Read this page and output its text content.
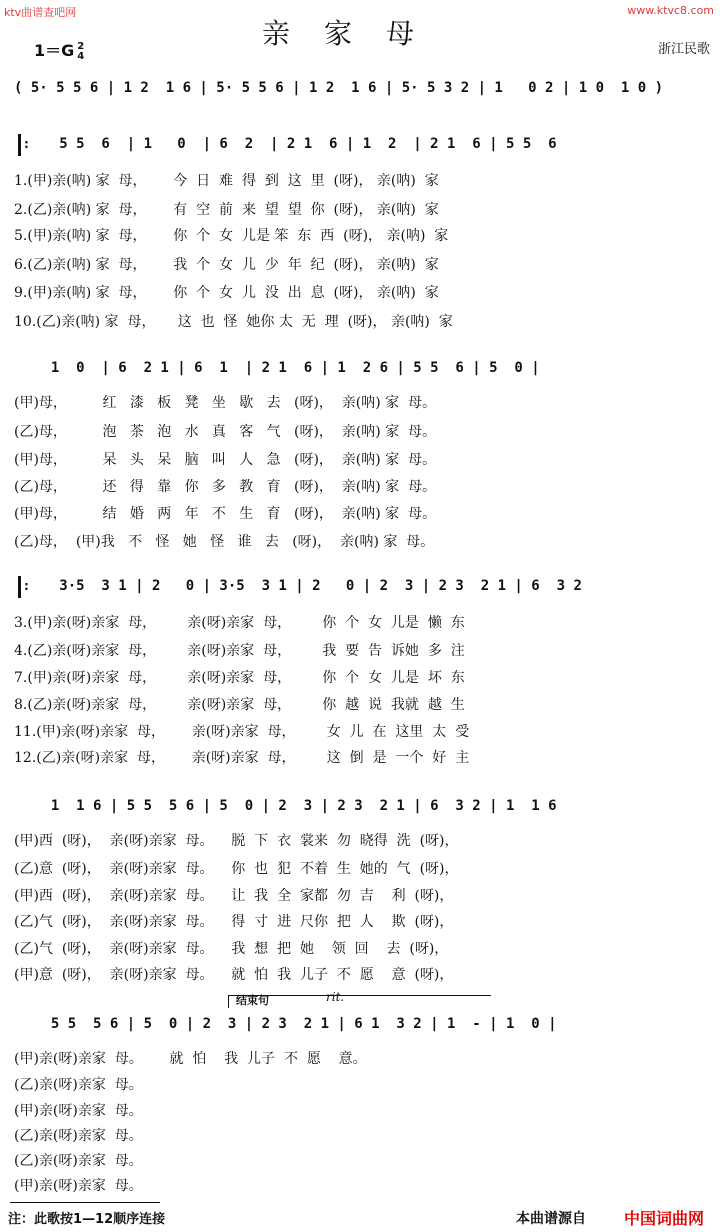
ktv曲谱查吧网	www.ktvc8.com
亲家母
1＝G 2
4	浙江民歌
( 5· 5 5 6 | 1 2  1 6 | 5· 5 5 6 | 1 2  1 6 | 5· 5 3 2 | 1   0 2 | 1 0  1 0 )
: 5 5  6  | 1   0  | 6  2  | 2 1  6 | 1  2  | 2 1  6 | 5 5  6
1.(甲)亲(呐) 家  母，      今  日  难  得  到  这  里  (呀)， 亲(呐)  家
2.(乙)亲(呐) 家  母，      有  空  前  来  望  望  你  (呀)， 亲(呐)  家
5.(甲)亲(呐) 家  母，      你  个  女  儿是 笨  东  西  (呀)， 亲(呐)  家
6.(乙)亲(呐) 家  母，      我  个  女  儿  少  年  纪  (呀)， 亲(呐)  家
9.(甲)亲(呐) 家  母，      你  个  女  儿  没  出  息  (呀)， 亲(呐)  家
10.(乙)亲(呐) 家  母，     这  也  怪  她你 太  无  理  (呀)， 亲(呐)  家
1  0  | 6  2 1 | 6  1  | 2 1  6 | 1  2 6 | 5 5  6 | 5  0 |
(甲)母，        红   漆   板   凳   坐   歇   去   (呀)，  亲(呐) 家  母。
(乙)母，        泡   茶   泡   水   真   客   气   (呀)，  亲(呐) 家  母。
(甲)母，        呆   头   呆   脑   叫   人   急   (呀)，  亲(呐) 家  母。
(乙)母，        还   得   靠   你   多   教   育   (呀)，  亲(呐) 家  母。
(甲)母，        结   婚   两   年   不   生   育   (呀)，  亲(呐) 家  母。
(乙)母，  (甲)我   不   怪   她   怪   谁   去   (呀)，  亲(呐) 家  母。
: 3·5  3 1 | 2   0 | 3·5  3 1 | 2   0 | 2  3 | 2 3  2 1 | 6  3 2
3.(甲)亲(呀)亲家  母，       亲(呀)亲家  母，       你  个  女  儿是  懒  东
4.(乙)亲(呀)亲家  母，       亲(呀)亲家  母，       我  要  告  诉她  多  注
7.(甲)亲(呀)亲家  母，       亲(呀)亲家  母，       你  个  女  儿是  坏  东
8.(乙)亲(呀)亲家  母，       亲(呀)亲家  母，       你  越  说  我就  越  生
11.(甲)亲(呀)亲家  母，      亲(呀)亲家  母，       女  儿  在  这里  太  受
12.(乙)亲(呀)亲家  母，      亲(呀)亲家  母，       这  倒  是  一个  好  主
1  1 6 | 5 5  5 6 | 5  0 | 2  3 | 2 3  2 1 | 6  3 2 | 1  1 6
(甲)西  (呀)，  亲(呀)亲家  母。    脱  下  衣  裳来  勿  晓得  洗  (呀)，
(乙)意  (呀)，  亲(呀)亲家  母。    你  也  犯  不着  生  她的  气  (呀)，
(甲)西  (呀)，  亲(呀)亲家  母。    让  我  全  家都  勿  吉    利  (呀)，
(乙)气  (呀)，  亲(呀)亲家  母。    得  寸  进  尺你  把  人    欺  (呀)，
(乙)气  (呀)，  亲(呀)亲家  母。    我  想  把  她    领  回    去  (呀)，
(甲)意  (呀)，  亲(呀)亲家  母。    就  怕  我  儿子  不  愿    意  (呀)，
结束句	rit.
5 5  5 6 | 5  0 | 2  3 | 2 3  2 1 | 6 1  3 2 | 1  - | 1  0 |
(甲)亲(呀)亲家  母。      就  怕    我  儿子  不  愿    意。
(乙)亲(呀)亲家  母。
(甲)亲(呀)亲家  母。
(乙)亲(呀)亲家  母。
(乙)亲(呀)亲家  母。
(甲)亲(呀)亲家  母。
注：此歌按1—12顺序连接	本曲谱源自 中国词曲网
